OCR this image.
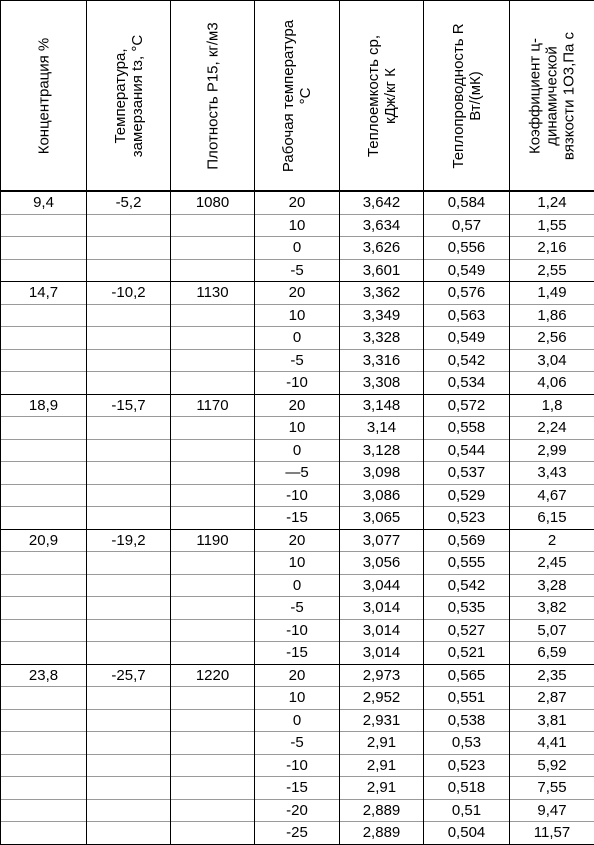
Концентрация %	Температура, замерзания tз, °С	Плотность Р15, кг/м3	Рабочая температура °С	Теплоемкость cр, кДж/кг К	Теплопроводность R Вт/(мК)	Коэффициент ц- динамической вязкости 1О3,Па с

9,4	-5,2	1080	20	3,642	0,584	1,24
			10	3,634	0,57	1,55
			0	3,626	0,556	2,16
			-5	3,601	0,549	2,55
14,7	-10,2	1130	20	3,362	0,576	1,49
			10	3,349	0,563	1,86
			0	3,328	0,549	2,56
			-5	3,316	0,542	3,04
			-10	3,308	0,534	4,06
18,9	-15,7	1170	20	3,148	0,572	1,8
			10	3,14	0,558	2,24
			0	3,128	0,544	2,99
			—5	3,098	0,537	3,43
			-10	3,086	0,529	4,67
			-15	3,065	0,523	6,15
20,9	-19,2	1190	20	3,077	0,569	2
			10	3,056	0,555	2,45
			0	3,044	0,542	3,28
			-5	3,014	0,535	3,82
			-10	3,014	0,527	5,07
			-15	3,014	0,521	6,59
23,8	-25,7	1220	20	2,973	0,565	2,35
			10	2,952	0,551	2,87
			0	2,931	0,538	3,81
			-5	2,91	0,53	4,41
			-10	2,91	0,523	5,92
			-15	2,91	0,518	7,55
			-20	2,889	0,51	9,47
			-25	2,889	0,504	11,57
